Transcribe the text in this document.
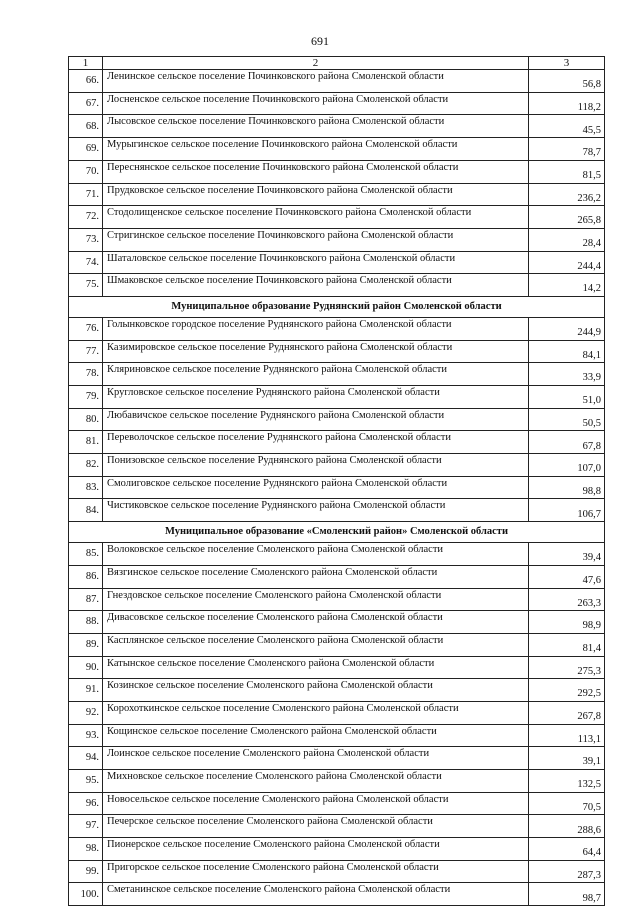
691
1	2	3
66.	Ленинское сельское поселение Починковского района Смоленской области	56,8
67.	Лосненское сельское поселение Починковского района Смоленской области	118,2
68.	Лысовское сельское поселение Починковского района Смоленской области	45,5
69.	Мурыгинское сельское поселение Починковского района Смоленской области	78,7
70.	Переснянское сельское поселение Починковского района Смоленской области	81,5
71.	Прудковское сельское поселение Починковского района Смоленской области	236,2
72.	Стодолищенское сельское поселение Починковского района Смоленской области	265,8
73.	Стригинское сельское поселение Починковского района Смоленской области	28,4
74.	Шаталовское сельское поселение Починковского района Смоленской области	244,4
75.	Шмаковское сельское поселение Починковского района Смоленской области	14,2
Муниципальное образование Руднянский район Смоленской области		
76.	Голынковское городское поселение Руднянского района Смоленской области	244,9
77.	Казимировское сельское поселение Руднянского района Смоленской области	84,1
78.	Кляриновское сельское поселение Руднянского района Смоленской области	33,9
79.	Кругловское сельское поселение Руднянского района Смоленской области	51,0
80.	Любавичское сельское поселение Руднянского района Смоленской области	50,5
81.	Переволочское сельское поселение Руднянского района Смоленской области	67,8
82.	Понизовское сельское поселение Руднянского района Смоленской области	107,0
83.	Смолиговское сельское поселение Руднянского района Смоленской области	98,8
84.	Чистиковское сельское поселение Руднянского района Смоленской области	106,7
Муниципальное образование «Смоленский район» Смоленской области		
85.	Волоковское сельское поселение Смоленского района Смоленской области	39,4
86.	Вязгинское сельское поселение Смоленского района Смоленской области	47,6
87.	Гнездовское сельское поселение Смоленского района Смоленской области	263,3
88.	Дивасовское сельское поселение Смоленского района Смоленской области	98,9
89.	Касплянское сельское поселение Смоленского района Смоленской области	81,4
90.	Катынское сельское поселение Смоленского района Смоленской области	275,3
91.	Козинское сельское поселение Смоленского района Смоленской области	292,5
92.	Корохоткинское сельское поселение Смоленского района Смоленской области	267,8
93.	Кощинское сельское поселение Смоленского района Смоленской области	113,1
94.	Лоинское сельское поселение Смоленского района Смоленской области	39,1
95.	Михновское сельское поселение Смоленского района Смоленской области	132,5
96.	Новосельское сельское поселение Смоленского района Смоленской области	70,5
97.	Печерское сельское поселение Смоленского района Смоленской области	288,6
98.	Пионерское сельское поселение Смоленского района Смоленской области	64,4
99.	Пригорское сельское поселение Смоленского района Смоленской области	287,3
100.	Сметанинское сельское поселение Смоленского района Смоленской области	98,7
